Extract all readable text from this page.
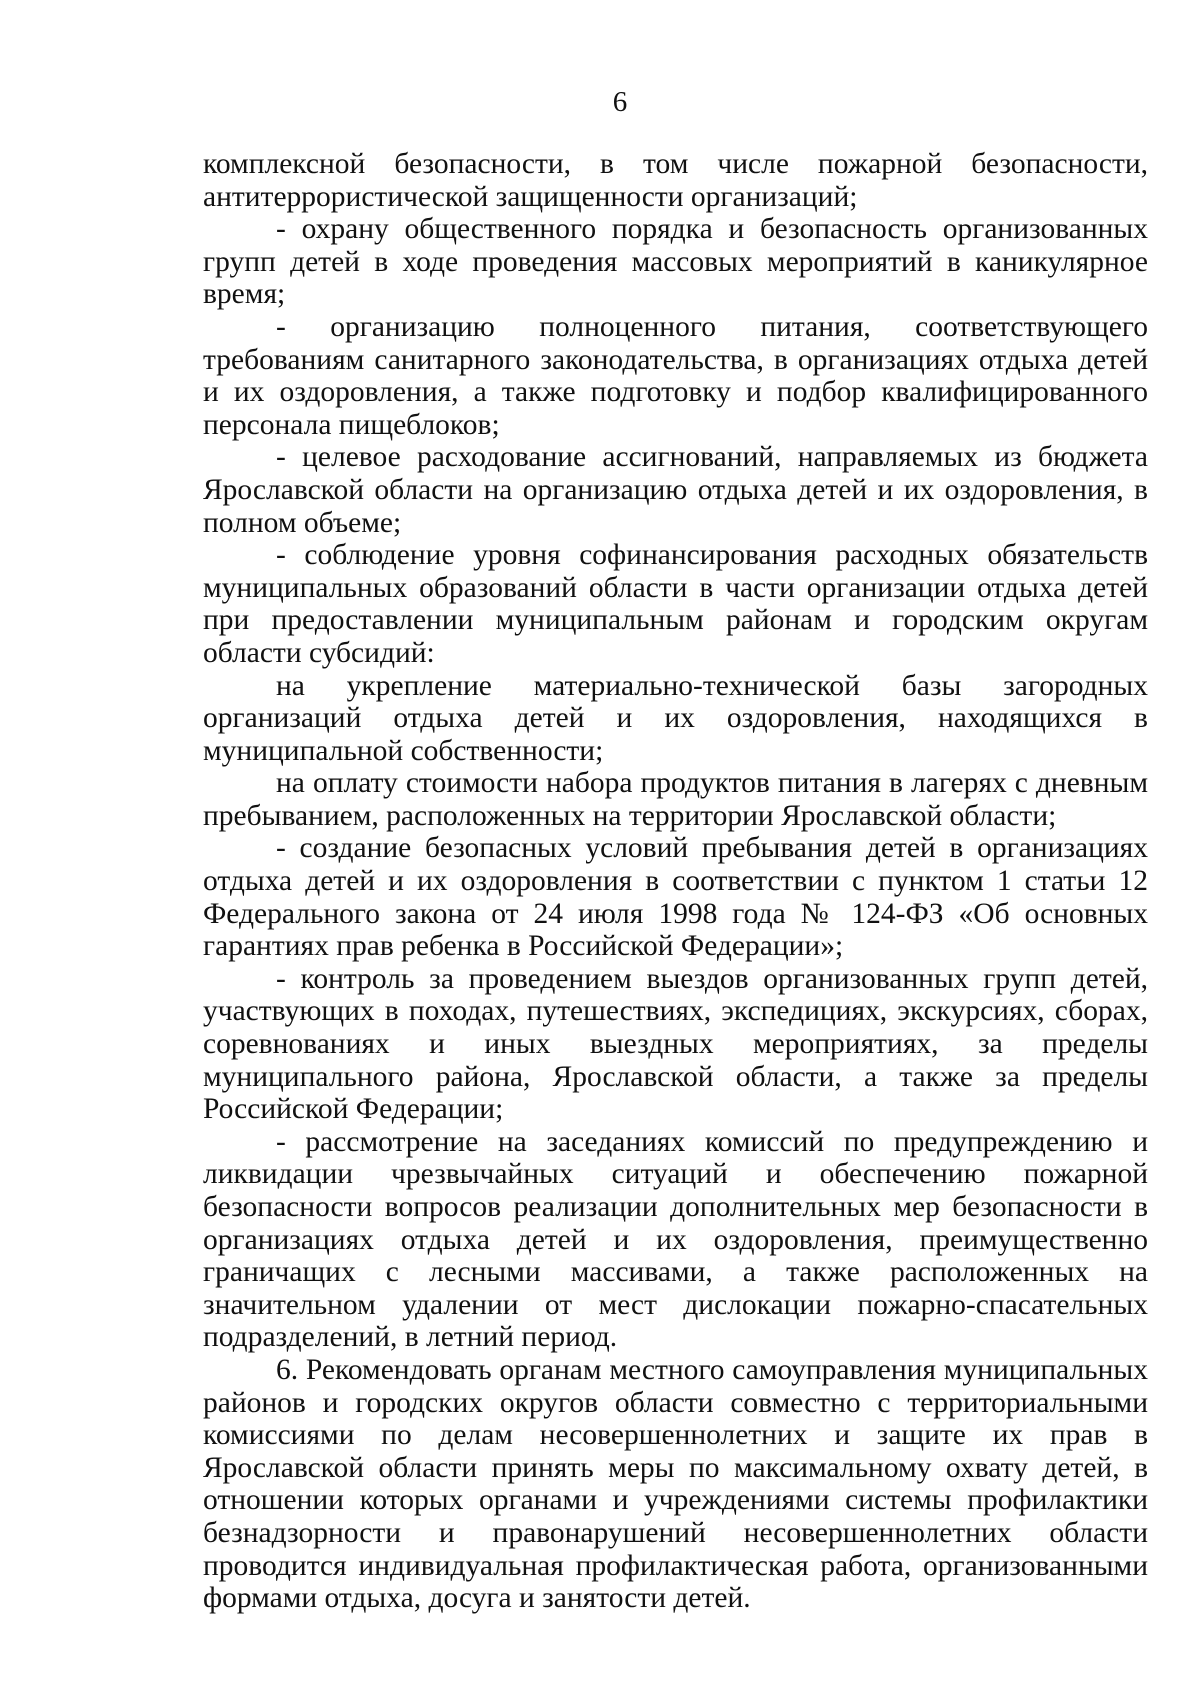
6

комплексной безопасности, в том числе пожарной безопасности, антитеррористической защищенности организаций;

- охрану общественного порядка и безопасность организованных групп детей в ходе проведения массовых мероприятий в каникулярное время;

- организацию полноценного питания, соответствующего требованиям санитарного законодательства, в организациях отдыха детей и их оздоровления, а также подготовку и подбор квалифицированного персонала пищеблоков;

- целевое расходование ассигнований, направляемых из бюджета Ярославской области на организацию отдыха детей и их оздоровления, в полном объеме;

- соблюдение уровня софинансирования расходных обязательств муниципальных образований области в части организации отдыха детей при предоставлении муниципальным районам и городским округам области субсидий:

на укрепление материально-технической базы загородных организаций отдыха детей и их оздоровления, находящихся в муниципальной собственности;

на оплату стоимости набора продуктов питания в лагерях с дневным пребыванием, расположенных на территории Ярославской области;

- создание безопасных условий пребывания детей в организациях отдыха детей и их оздоровления в соответствии с пунктом 1 статьи 12 Федерального закона от 24 июля 1998 года № 124-ФЗ «Об основных гарантиях прав ребенка в Российской Федерации»;

- контроль за проведением выездов организованных групп детей, участвующих в походах, путешествиях, экспедициях, экскурсиях, сборах, соревнованиях и иных выездных мероприятиях, за пределы муниципального района, Ярославской области, а также за пределы Российской Федерации;

- рассмотрение на заседаниях комиссий по предупреждению и ликвидации чрезвычайных ситуаций и обеспечению пожарной безопасности вопросов реализации дополнительных мер безопасности в организациях отдыха детей и их оздоровления, преимущественно граничащих с лесными массивами, а также расположенных на значительном удалении от мест дислокации пожарно-спасательных подразделений, в летний период.

6. Рекомендовать органам местного самоуправления муниципальных районов и городских округов области совместно с территориальными комиссиями по делам несовершеннолетних и защите их прав в Ярославской области принять меры по максимальному охвату детей, в отношении которых органами и учреждениями системы профилактики безнадзорности и правонарушений несовершеннолетних области проводится индивидуальная профилактическая работа, организованными формами отдыха, досуга и занятости детей.
